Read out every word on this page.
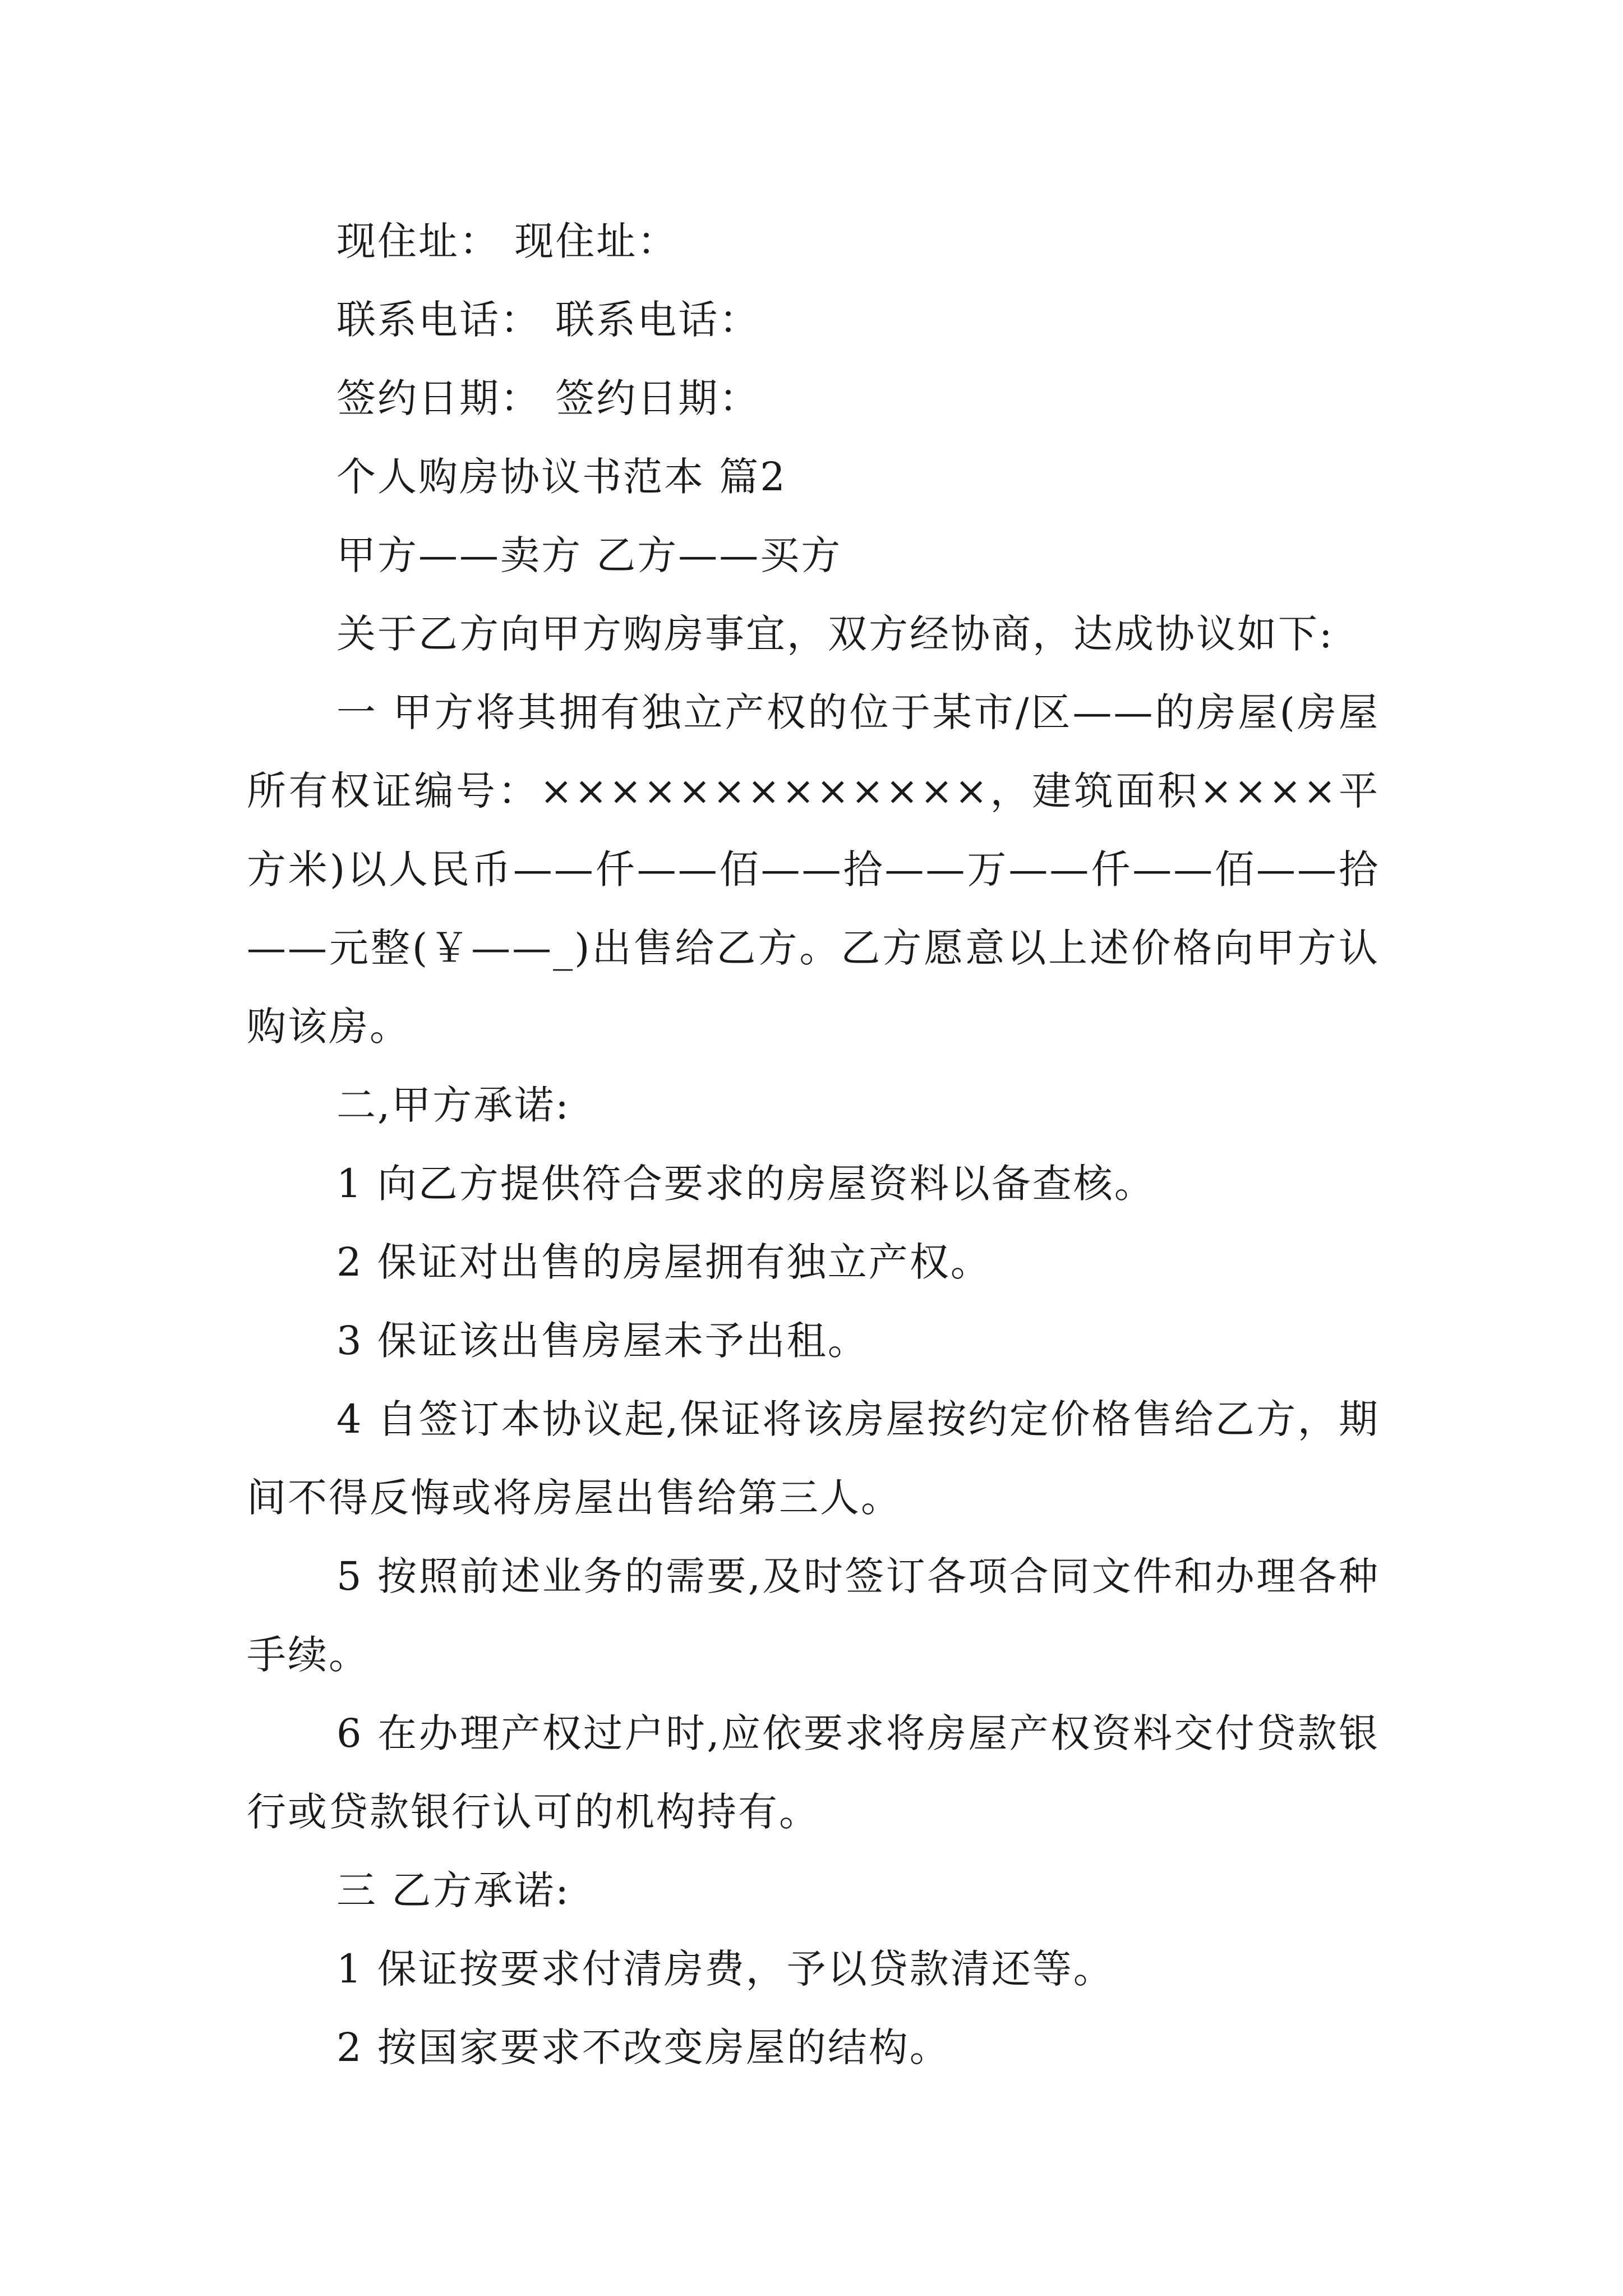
现住址： 现住址：

联系电话： 联系电话：

签约日期： 签约日期：

个人购房协议书范本 篇2

甲方——卖方 乙方——买方

关于乙方向甲方购房事宜，双方经协商，达成协议如下:

一 甲方将其拥有独立产权的位于某市/区——的房屋(房屋所有权证编号：×××××××××××××，建筑面积××××平方米)以人民币——仟——佰——拾——万——仟——佰——拾——元整(￥——_)出售给乙方。乙方愿意以上述价格向甲方认购该房。

二,甲方承诺:

1 向乙方提供符合要求的房屋资料以备查核。

2 保证对出售的房屋拥有独立产权。

3 保证该出售房屋未予出租。

4 自签订本协议起,保证将该房屋按约定价格售给乙方，期间不得反悔或将房屋出售给第三人。

5 按照前述业务的需要,及时签订各项合同文件和办理各种手续。

6 在办理产权过户时,应依要求将房屋产权资料交付贷款银行或贷款银行认可的机构持有。

三 乙方承诺:

1 保证按要求付清房费，予以贷款清还等。

2 按国家要求不改变房屋的结构。
